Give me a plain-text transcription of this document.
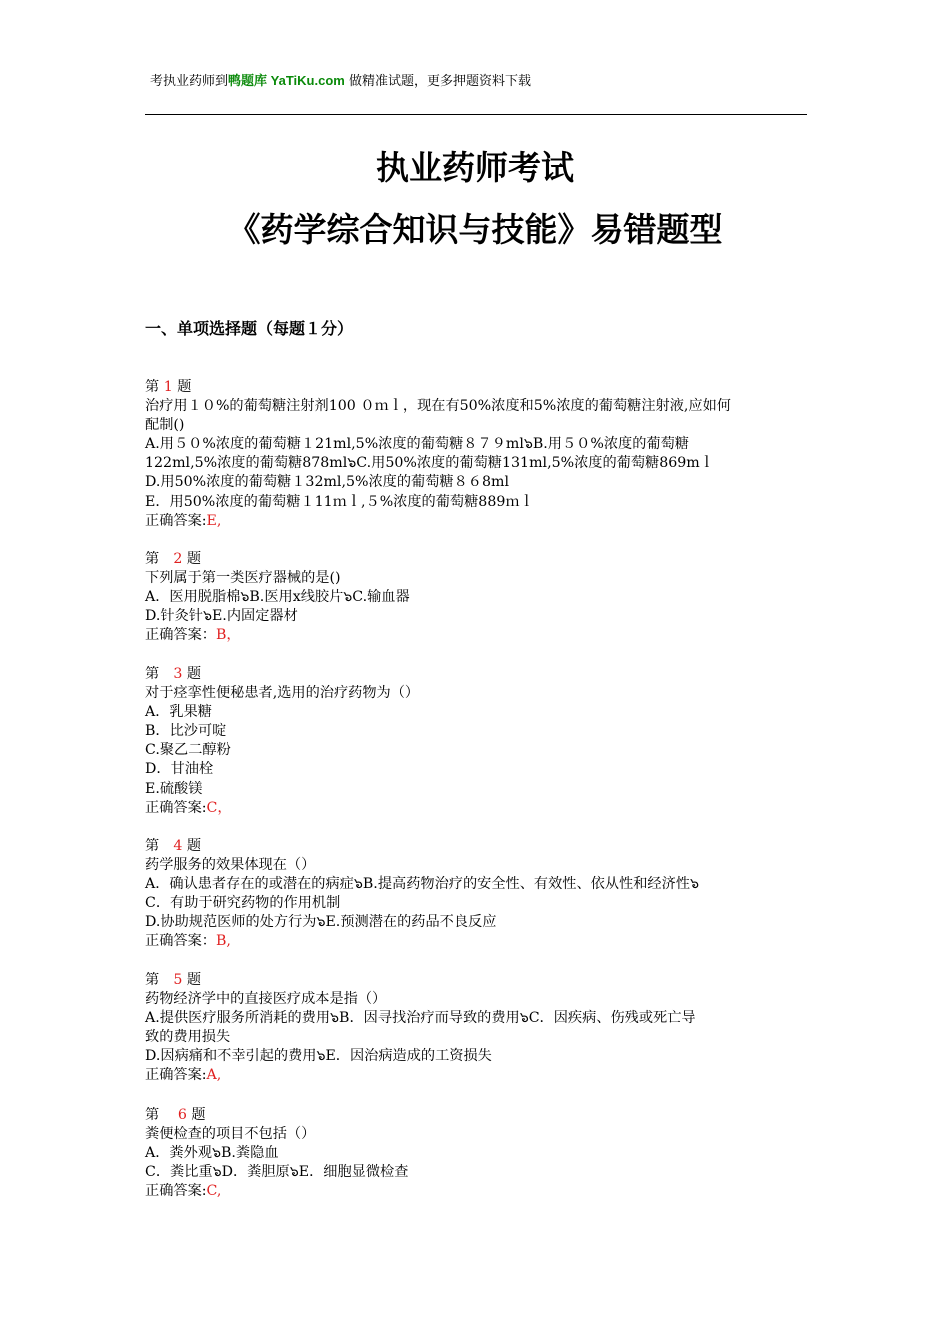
考执业药师到鸭题库 YaTiKu.com 做精准试题，更多押题资料下载
执业药师考试
《药学综合知识与技能》易错题型
一、单项选择题（每题１分）
第 1 题
治疗用１０%的葡萄糖注射剂100 ０ｍｌ，现在有50%浓度和5%浓度的葡萄糖注射液,应如何
配制()
A.用５０%浓度的葡萄糖１21ml,5%浓度的葡萄糖８７９ml๖B.用５０%浓度的葡萄糖
122ml,5%浓度的葡萄糖878ml๖C.用50%浓度的葡萄糖131ml,5%浓度的葡萄糖869mｌ
D.用50%浓度的葡萄糖１32ml,5%浓度的葡萄糖８６8ml
E．用50%浓度的葡萄糖１11ｍｌ,５%浓度的葡萄糖889ｍｌ
正确答案:E,
第　2 题
下列属于第一类医疗器械的是()
A．医用脱脂棉๖B.医用x线胶片๖C.输血器
D.针灸针๖E.内固定器材
正确答案：B，
第　3 题
对于痉挛性便秘患者,选用的治疗药物为（）
A．乳果糖
B．比沙可啶
C.聚乙二醇粉
D．甘油栓
E.硫酸镁
正确答案:C，
第　4 题
药学服务的效果体现在（）
A．确认患者存在的或潜在的病症๖B.提高药物治疗的安全性、有效性、依从性和经济性๖
C．有助于研究药物的作用机制
D.协助规范医师的处方行为๖E.预测潜在的药品不良反应
正确答案：B,
第　5 题
药物经济学中的直接医疗成本是指（）
A.提供医疗服务所消耗的费用๖B．因寻找治疗而导致的费用๖C．因疾病、伤残或死亡导
致的费用损失
D.因病痛和不幸引起的费用๖E．因治病造成的工资损失
正确答案:A,
第　 6 题
粪便检查的项目不包括（）
A．粪外观๖B.粪隐血
C．粪比重๖D．粪胆原๖E．细胞显微检查
正确答案:C,
